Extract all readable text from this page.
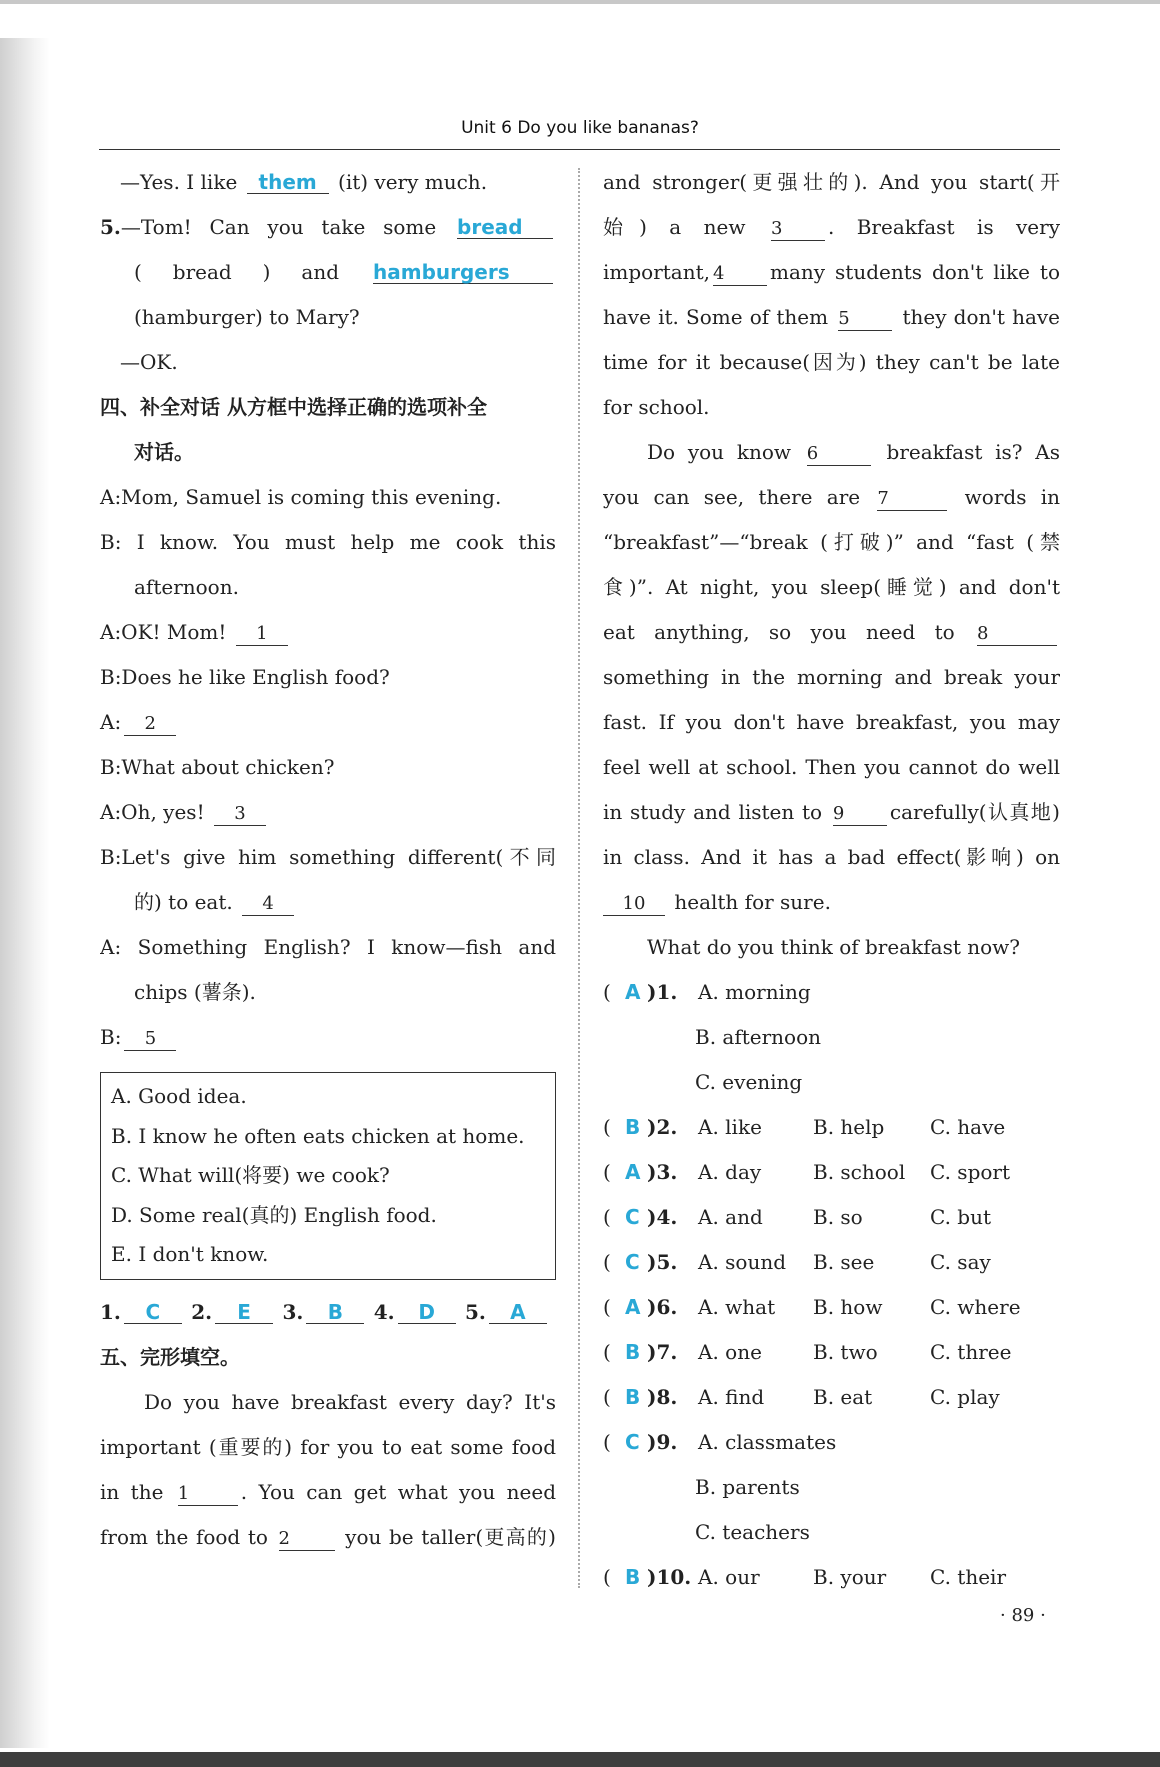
Unit 6 Do you like bananas?
—Yes. I like them (it) very much.
5.—Tom! Can you take some bread
( bread ) and hamburgers
(hamburger) to Mary?
—OK.
四、补全对话 从方框中选择正确的选项补全
对话。
A:Mom, Samuel is coming this evening.
B: I know. You must help me cook this
afternoon.
A:OK! Mom! 1
B:Does he like English food?
A: 2
B:What about chicken?
A:Oh, yes! 3
B:Let's give him something different(不同
的) to eat. 4
A: Something English? I know—fish and
chips (薯条).
B: 5
A. Good idea.
B. I know he often eats chicken at home.
C. What will(将要) we cook?
D. Some real(真的) English food.
E. I don't know.
1. C 2. E 3. B 4. D 5. A
五、完形填空。
Do you have breakfast every day? It's
important (重要的) for you to eat some food
in the 1	. You can get what you need
from the food to 2	you be taller(更高的)
and stronger(更强壮的). And you start(开
始) a new 3 . Breakfast is very
important, 4 many students don't like to
have it. Some of them 5	they don't have
time for it because(因为) they can't be late
for school.
Do you know 6	breakfast is? As
you can see, there are 7	words in
“breakfast”—“break (打破)” and “fast (禁
食)”. At night, you sleep(睡觉) and don't
eat anything, so you need to 8
something in the morning and break your
fast. If you don't have breakfast, you may
feel well at school. Then you cannot do well
in study and listen to 9 carefully(认真地)
in class. And it has a bad effect(影响) on
10 health for sure.
What do you think of breakfast now?
( A )1. A. morning
B. afternoon
C. evening
( B )2. A. like	B. help C. have
( A )3. A. day	B. school C. sport
( C )4. A. and	B. so	C. but
( C )5. A. sound B. see	C. say
( A )6. A. what B. how C. where
( B )7. A. one	B. two	C. three
( B )8. A. find B. eat	C. play
( C )9. A. classmates
B. parents
C. teachers
( B )10. A. our	B. your C. their
· 89 ·
